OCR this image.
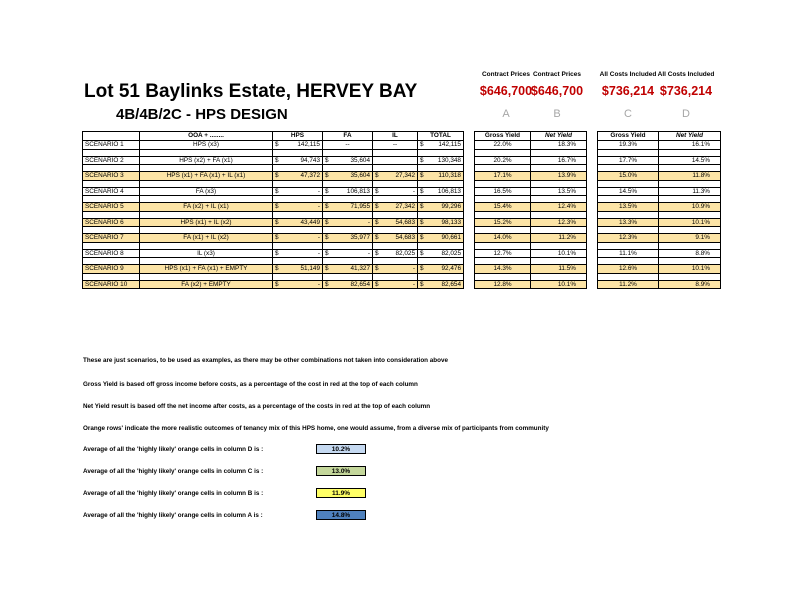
Lot 51 Baylinks Estate, HERVEY BAY
4B/4B/2C - HPS DESIGN
Contract Prices
$646,700
A
Contract Prices
$646,700
B
All Costs Included
$736,214
C
All Costs Included
$736,214
D
	OOA + ........	HPS	FA	IL	TOTAL
SCENARIO 1	HPS (x3)	$ 142,115	--	--	$ 142,115

SCENARIO 2	HPS (x2) + FA (x1)	$ 94,743	$ 35,604		$ 130,348

SCENARIO 3	HPS (x1) + FA (x1) + IL (x1)	$ 47,372	$ 35,604	$ 27,342	$ 110,318

SCENARIO 4	FA (x3)	$ -	$ 106,813	$ -	$ 106,813

SCENARIO 5	FA (x2) + IL (x1)	$ -	$ 71,955	$ 27,342	$ 99,296

SCENARIO 6	HPS (x1) + IL (x2)	$ 43,449	$ -	$ 54,683	$ 98,133

SCENARIO 7	FA (x1) + IL (x2)	$ -	$ 35,977	$ 54,683	$ 90,661

SCENARIO 8	IL (x3)	$ -	$ -	$ 82,025	$ 82,025

SCENARIO 9	HPS (x1) + FA (x1) + EMPTY	$ 51,149	$ 41,327	$ -	$ 92,476

SCENARIO 10	FA (x2) + EMPTY	$ -	$ 82,654	$ -	$ 82,654
Gross Yield	Net Yield
22.0%	18.3%

20.2%	16.7%

17.1%	13.9%

16.5%	13.5%

15.4%	12.4%

15.2%	12.3%

14.0%	11.2%

12.7%	10.1%

14.3%	11.5%

12.8%	10.1%
Gross Yield	Net Yield
19.3%	16.1%

17.7%	14.5%

15.0%	11.8%

14.5%	11.3%

13.5%	10.9%

13.3%	10.1%

12.3%	9.1%

11.1%	8.8%

12.6%	10.1%

11.2%	8.9%
These are just scenarios, to be used as examples, as there may be other combinations not taken into consideration above
Gross Yield is based off gross income before costs, as a percentage of the cost in red at the top of each column
Net Yield result is based off the net income after costs, as a percentage of the costs in red at the top of each column
Orange rows' indicate the more realistic outcomes of tenancy mix of this HPS home, one would assume, from a diverse mix of participants from community
Average of all the 'highly likely' orange cells in column D is :	10.2%
Average of all the 'highly likely' orange cells in column C is :	13.0%
Average of all the 'highly likely' orange cells in column B is :	11.9%
Average of all the 'highly likely' orange cells in column A is :	14.8%
